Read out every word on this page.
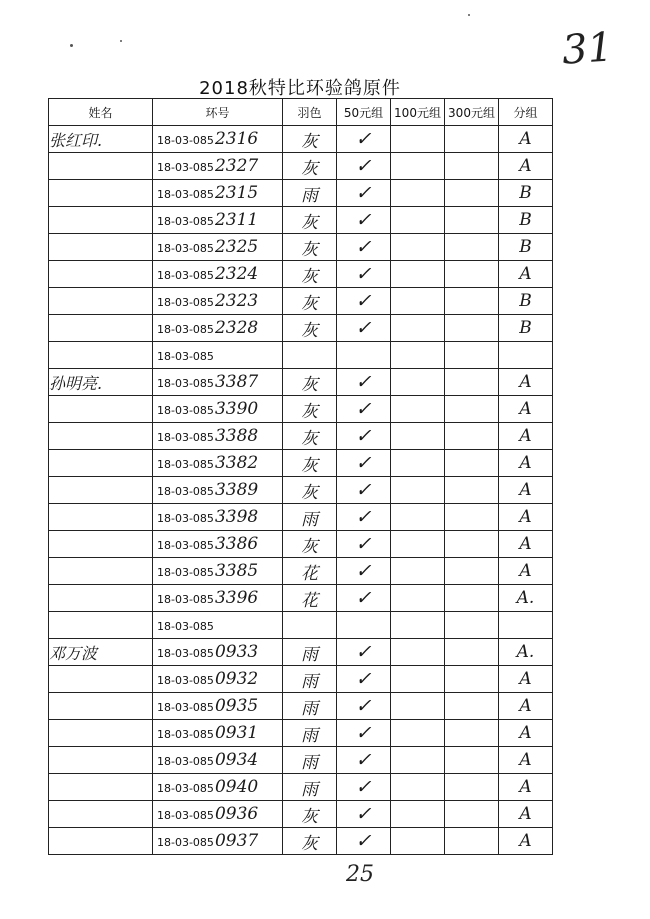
31
2018秋特比环验鸽原件
姓名	环号	羽色	50元组	100元组	300元组	分组
张红印.	18-03-0852316	灰	✓			A
	18-03-0852327	灰	✓			A
	18-03-0852315	雨	✓			B
	18-03-0852311	灰	✓			B
	18-03-0852325	灰	✓			B
	18-03-0852324	灰	✓			A
	18-03-0852323	灰	✓			B
	18-03-0852328	灰	✓			B
	18-03-085					
孙明亮.	18-03-0853387	灰	✓			A
	18-03-0853390	灰	✓			A
	18-03-0853388	灰	✓			A
	18-03-0853382	灰	✓			A
	18-03-0853389	灰	✓			A
	18-03-0853398	雨	✓			A
	18-03-0853386	灰	✓			A
	18-03-0853385	花	✓			A
	18-03-0853396	花	✓			A.
	18-03-085					
邓万波	18-03-0850933	雨	✓			A.
	18-03-0850932	雨	✓			A
	18-03-0850935	雨	✓			A
	18-03-0850931	雨	✓			A
	18-03-0850934	雨	✓			A
	18-03-0850940	雨	✓			A
	18-03-0850936	灰	✓			A
	18-03-0850937	灰	✓			A
25
